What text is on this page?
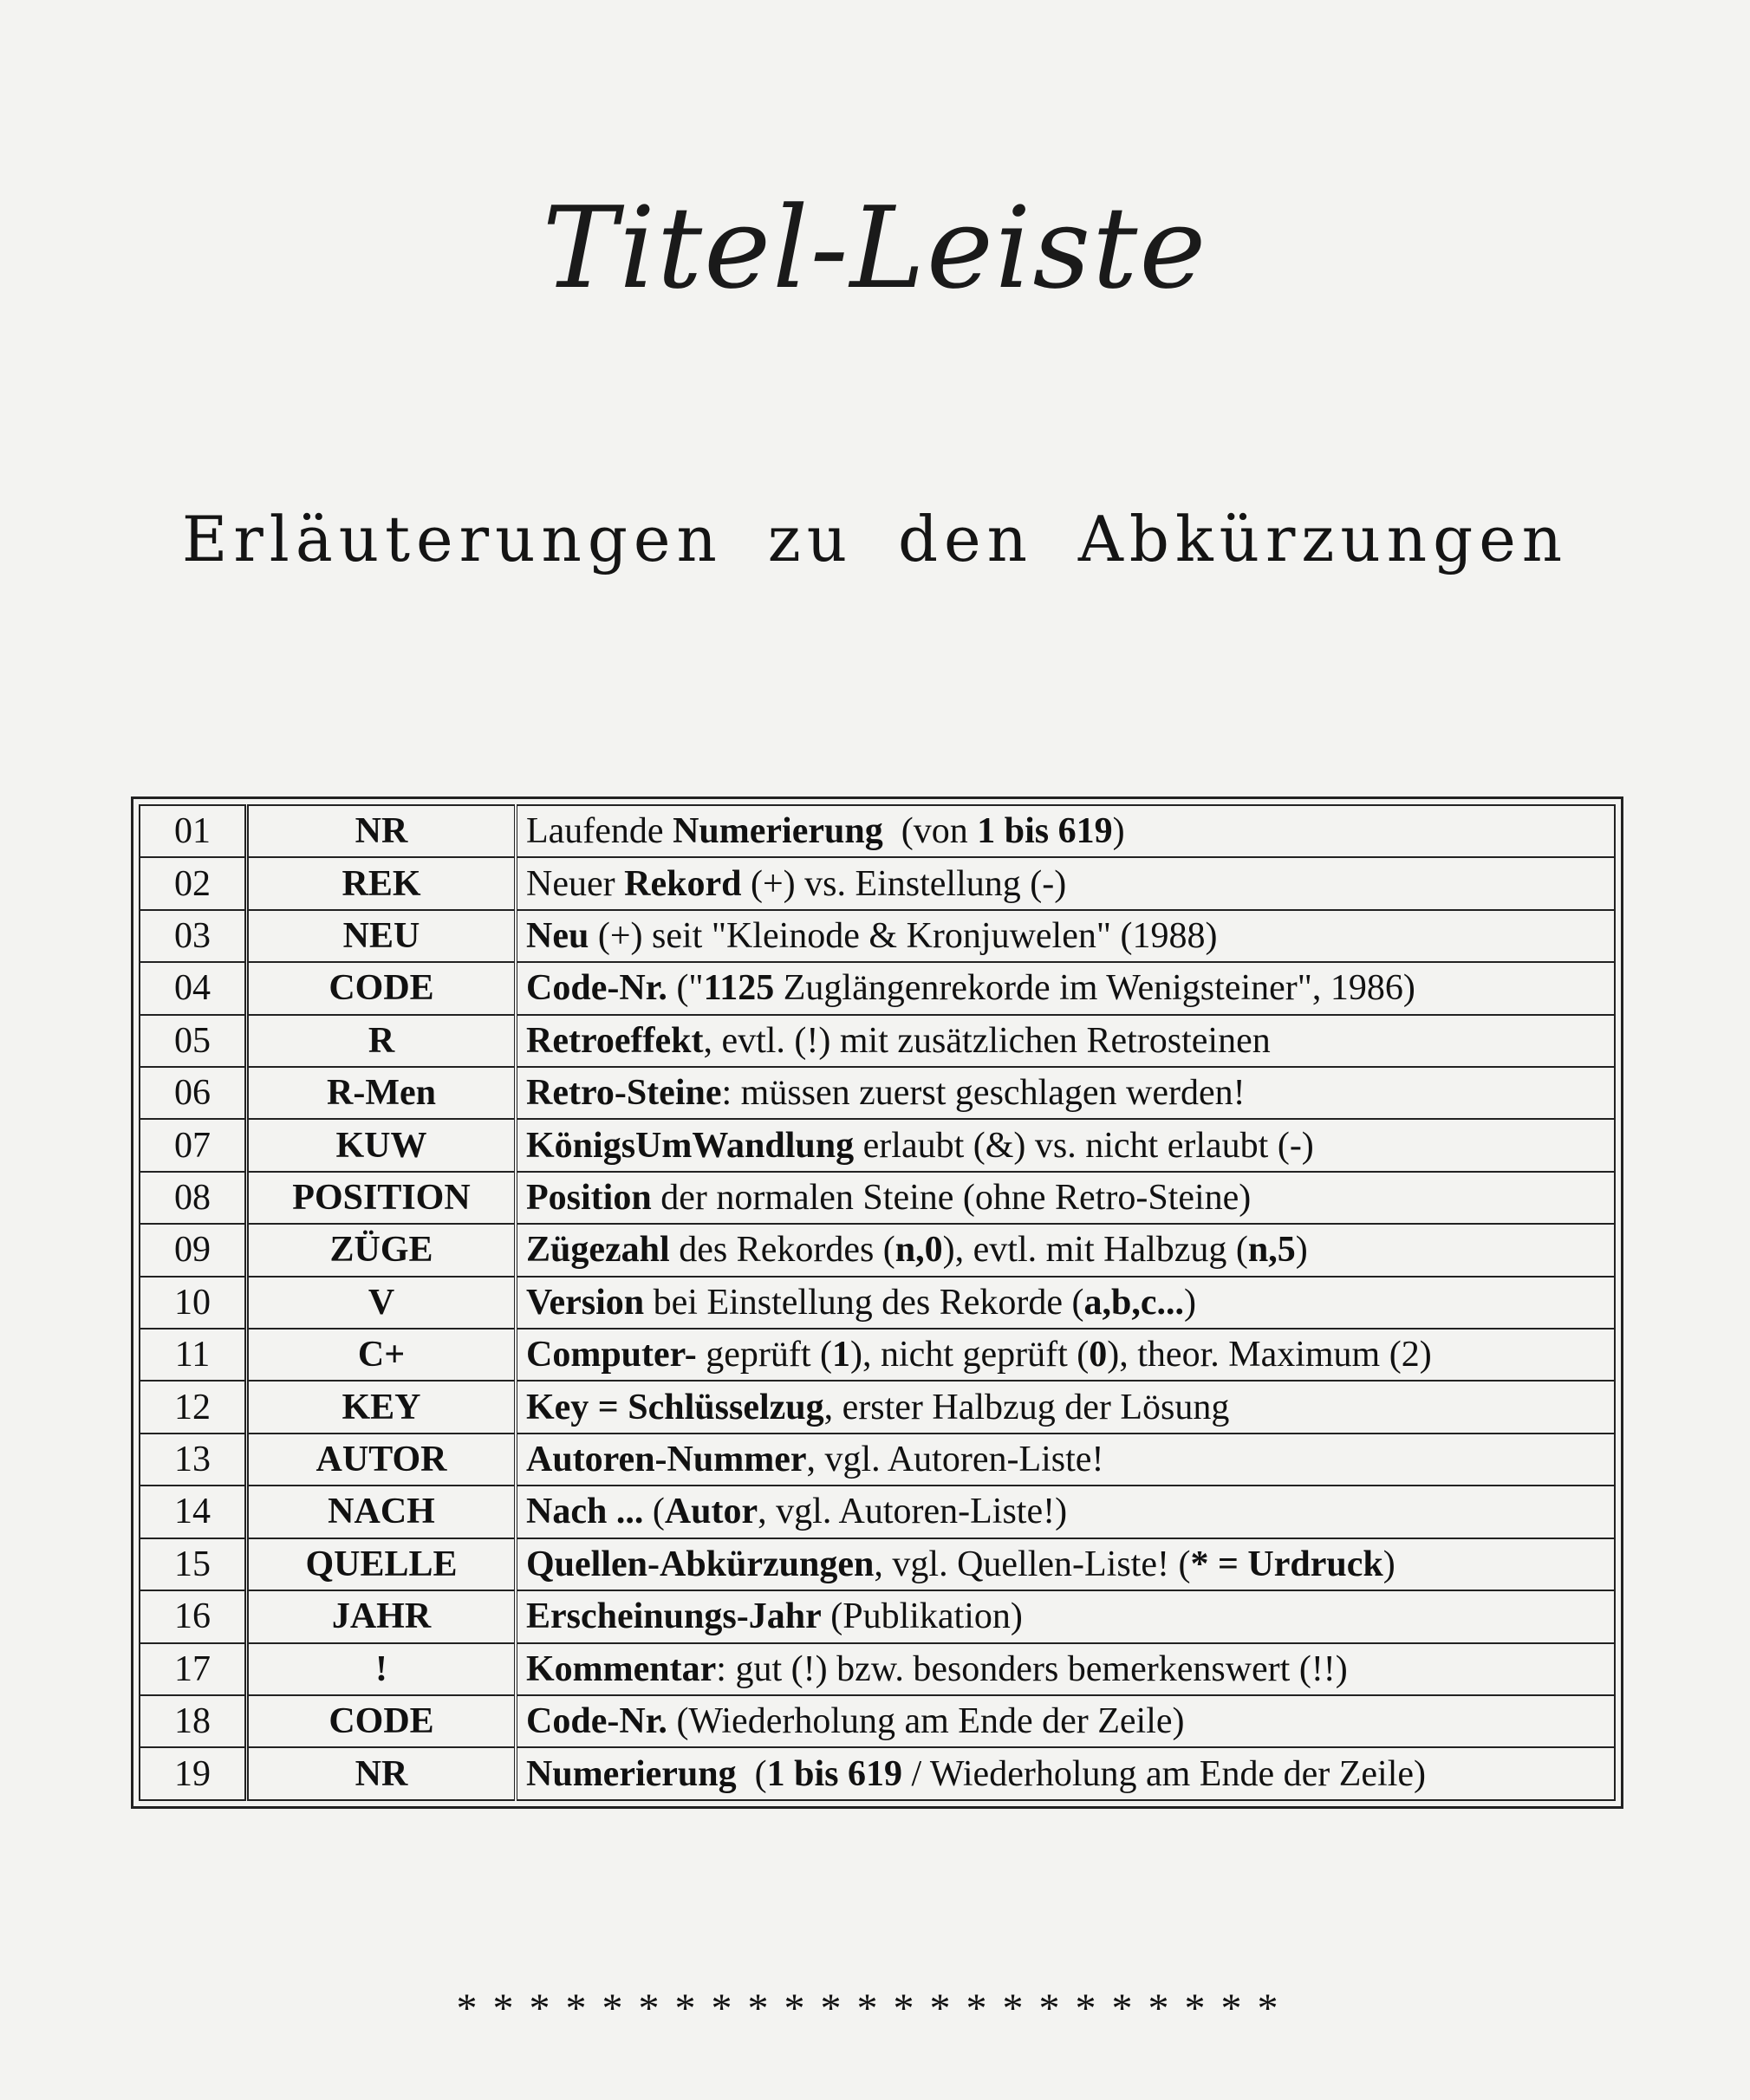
Titel-Leiste
Erläuterungen zu den Abkürzungen
01	NR	Laufende Numerierung  (von 1 bis 619)
02	REK	Neuer Rekord (+) vs. Einstellung (-)
03	NEU	Neu (+) seit "Kleinode & Kronjuwelen" (1988)
04	CODE	Code-Nr. ("1125 Zuglängenrekorde im Wenigsteiner", 1986)
05	R	Retroeffekt, evtl. (!) mit zusätzlichen Retrosteinen
06	R-Men	Retro-Steine: müssen zuerst geschlagen werden!
07	KUW	KönigsUmWandlung erlaubt (&) vs. nicht erlaubt (-)
08	POSITION	Position der normalen Steine (ohne Retro-Steine)
09	ZÜGE	Zügezahl des Rekordes (n,0), evtl. mit Halbzug (n,5)
10	V	Version bei Einstellung des Rekorde (a,b,c...)
11	C+	Computer- geprüft (1), nicht geprüft (0), theor. Maximum (2)
12	KEY	Key = Schlüsselzug, erster Halbzug der Lösung
13	AUTOR	Autoren-Nummer, vgl. Autoren-Liste!
14	NACH	Nach ... (Autor, vgl. Autoren-Liste!)
15	QUELLE	Quellen-Abkürzungen, vgl. Quellen-Liste! (* = Urdruck)
16	JAHR	Erscheinungs-Jahr (Publikation)
17	!	Kommentar: gut (!) bzw. besonders bemerkenswert (!!)
18	CODE	Code-Nr. (Wiederholung am Ende der Zeile)
19	NR	Numerierung  (1 bis 619 / Wiederholung am Ende der Zeile)
***********************
